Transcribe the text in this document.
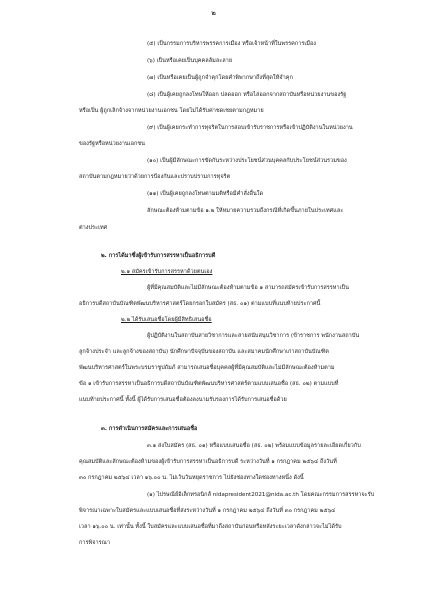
๒
(๕) เป็นกรรมการบริหารพรรคการเมือง หรือเจ้าหน้าที่ในพรรคการเมือง
(๖) เป็นหรือเคยเป็นบุคคลล้มละลาย
(๗) เป็นหรือเคยเป็นผู้ถูกจำคุกโดยคำพิพากษาถึงที่สุดให้จำคุก
(๘) เป็นผู้เคยถูกลงโทษให้ออก ปลดออก หรือไล่ออกจากสถาบันหรือหน่วยงานของรัฐ
หรือเป็น ผู้ถูกเลิกจ้างจากหน่วยงานเอกชน โดยไม่ได้รับค่าชดเชยตามกฎหมาย
(๙) เป็นผู้เคยกระทำการทุจริตในการสอบเข้ารับราชการหรือเข้าปฏิบัติงานในหน่วยงาน
ของรัฐหรือหน่วยงานเอกชน
(๑๐) เป็นผู้มีลักษณะการขัดกันระหว่างประโยชน์ส่วนบุคคลกับประโยชน์ส่วนรวมของ
สถาบันตามกฎหมายว่าด้วยการป้องกันและปราบปรามการทุจริต
(๑๑) เป็นผู้เคยถูกลงโทษตามมติหรือมีคำสั่งอื่นใด
ลักษณะต้องห้ามตามข้อ ๑.๒ ให้หมายความรวมถึงกรณีที่เกิดขึ้นภายในประเทศและ
ต่างประเทศ
๒. การได้มาซึ่งผู้เข้ารับการสรรหาเป็นอธิการบดี
๒.๑ สมัครเข้ารับการสรรหาด้วยตนเอง
ผู้ที่มีคุณสมบัติและไม่มีลักษณะต้องห้ามตามข้อ ๑ สามารถสมัครเข้ารับการสรรหาเป็น
อธิการบดีสถาบันบัณฑิตพัฒนบริหารศาสตร์โดยกรอกใบสมัคร (สธ. ๐๑) ตามแบบที่แนบท้ายประกาศนี้
๒.๒ ได้รับเสนอชื่อโดยผู้มีสิทธิเสนอชื่อ
ผู้ปฏิบัติงานในสถาบันสายวิชาการและสายสนับสนุนวิชาการ (ข้าราชการ พนักงานสถาบัน
ลูกจ้างประจำ และลูกจ้างของสถาบัน) นักศึกษาปัจจุบันของสถาบัน และสมาคมนักศึกษาเก่าสถาบันบัณฑิต
พัฒนบริหารศาสตร์ในพระบรมราชูปถัมภ์ สามารถเสนอชื่อบุคคลผู้ที่มีคุณสมบัติและไม่มีลักษณะต้องห้ามตาม
ข้อ ๑ เข้ารับการสรรหาเป็นอธิการบดีสถาบันบัณฑิตพัฒนบริหารศาสตร์ตามแบบเสนอชื่อ (สธ. ๐๒) ตามแบบที่
แนบท้ายประกาศนี้ ทั้งนี้ ผู้ได้รับการเสนอชื่อต้องลงนามรับรองการได้รับการเสนอชื่อด้วย
๓. การดำเนินการสมัครและการเสนอชื่อ
๓.๑ ส่งใบสมัคร (สธ. ๐๑) หรือแบบเสนอชื่อ (สธ. ๐๒) พร้อมแบบข้อมูลรายละเอียดเกี่ยวกับ
คุณสมบัติและลักษณะต้องห้ามของผู้เข้ารับการสรรหาเป็นอธิการบดี ระหว่างวันที่ ๑ กรกฎาคม ๒๕๖๔ ถึงวันที่
๓๐ กรกฎาคม ๒๕๖๔ เวลา ๑๖.๐๐ น. ไม่เว้นวันหยุดราชการ ไปยังช่องทางใดช่องทางหนึ่ง ดังนี้
(๑) ไปรษณีย์อิเล็กทรอนิกส์ nidapresident2021@nida.ac.th โดยคณะกรรมการสรรหาจะรับ
พิจารณาเฉพาะใบสมัครและแบบเสนอชื่อที่ส่งระหว่างวันที่ ๑ กรกฎาคม ๒๕๖๔ ถึงวันที่ ๓๐ กรกฎาคม ๒๕๖๔
เวลา ๑๖.๐๐ น. เท่านั้น ทั้งนี้ ใบสมัครและแบบเสนอชื่อที่มาถึงสถาบันก่อนหรือหลังระยะเวลาดังกล่าวจะไม่ได้รับ
การพิจารณา
